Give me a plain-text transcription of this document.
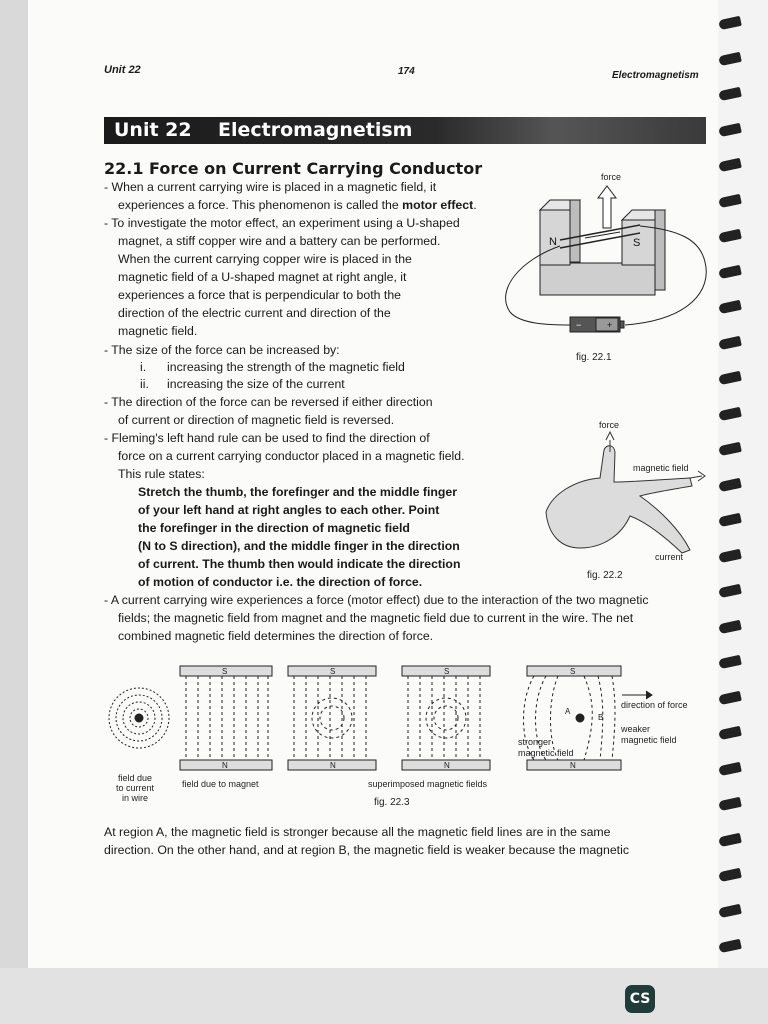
Unit 22	174	Electromagnetism
Unit 22 Electromagnetism
22.1 Force on Current Carrying Conductor
- When a current carrying wire is placed in a magnetic field, it
experiences a force. This phenomenon is called the motor effect.
- To investigate the motor effect, an experiment using a U-shaped
magnet, a stiff copper wire and a battery can be performed.
When the current carrying copper wire is placed in the
magnetic field of a U-shaped magnet at right angle, it
experiences a force that is perpendicular to both the
direction of the electric current and direction of the
magnetic field.
- The size of the force can be increased by:
i. increasing the strength of the magnetic field
ii. increasing the size of the current
- The direction of the force can be reversed if either direction
of current or direction of magnetic field is reversed.
- Fleming's left hand rule can be used to find the direction of
force on a current carrying conductor placed in a magnetic field.
This rule states:
Stretch the thumb, the forefinger and the middle finger
of your left hand at right angles to each other. Point
the forefinger in the direction of magnetic field
(N to S direction), and the middle finger in the direction
of current. The thumb then would indicate the direction
of motion of conductor i.e. the direction of force.
- A current carrying wire experiences a force (motor effect) due to the interaction of the two magnetic
fields; the magnetic field from magnet and the magnetic field due to current in the wire. The net
combined magnetic field determines the direction of force.
At region A, the magnetic field is stronger because all the magnetic field lines are in the same
direction. On the other hand, and at region B, the magnetic field is weaker because the magnetic
force
N	S
−	+
fig. 22.1
force
magnetic field
current
fig. 22.2
S
N
S
N
S
N
S
N
A
B
direction of force
weaker
magnetic field
stronger
magnetic field
field due
to current
in wire
field due to magnet	superimposed magnetic fields
fig. 22.3
CS
